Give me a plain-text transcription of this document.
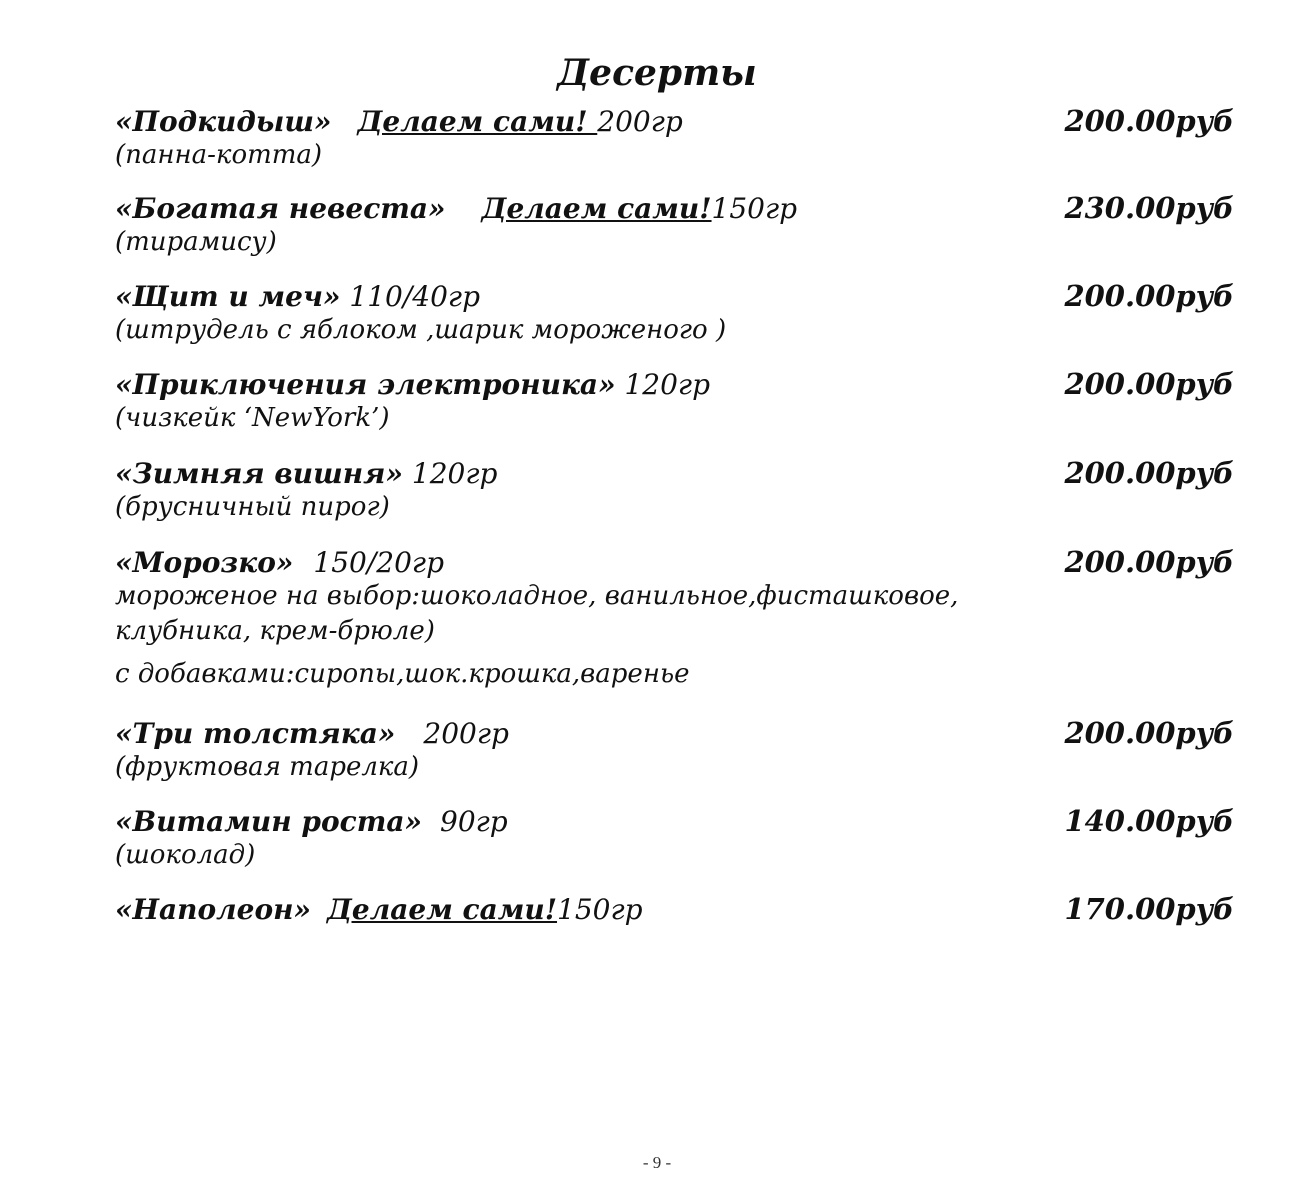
Десерты
«Подкидыш» Делаем сами! 200гр	200.00руб
(панна-котта)
«Богатая невеста» Делаем сами!150гр	230.00руб
(тирамису)
«Щит и меч» 110/40гр	200.00руб
(штрудель с яблоком ,шарик мороженого )
«Приключения электроника» 120гр	200.00руб
(чизкейк ‘NewYork’)
«Зимняя вишня» 120гр	200.00руб
(брусничный пирог)
«Морозко» 150/20гр	200.00руб
мороженое на выбор:шоколадное, ванильное,фисташковое,
клубника, крем-брюле)
с добавками:сиропы,шок.крошка,варенье
«Три толстяка» 200гр	200.00руб
(фруктовая тарелка)
«Витамин роста» 90гр	140.00руб
(шоколад)
«Наполеон» Делаем сами!150гр	170.00руб
- 9 -
